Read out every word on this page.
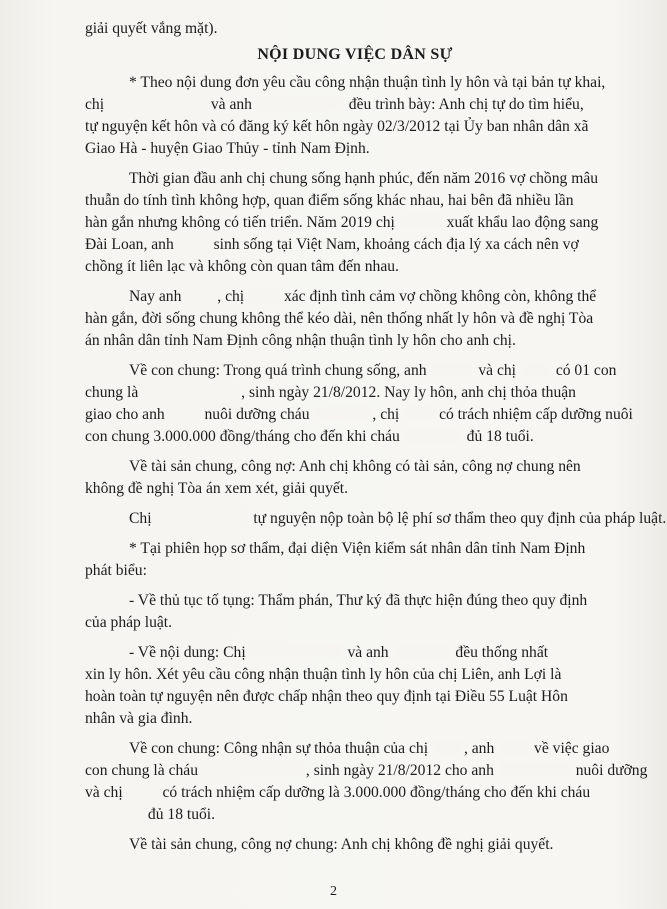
giải quyết vắng mặt).
NỘI DUNG VIỆC DÂN SỰ
* Theo nội dung đơn yêu cầu công nhận thuận tình ly hôn và tại bản tự khai,
chị	và anh	đều trình bày: Anh chị tự do tìm hiểu,
tự nguyện kết hôn và có đăng ký kết hôn ngày 02/3/2012 tại Ủy ban nhân dân xã
Giao Hà - huyện Giao Thủy - tỉnh Nam Định.
Thời gian đầu anh chị chung sống hạnh phúc, đến năm 2016 vợ chồng mâu
thuẫn do tính tình không hợp, quan điểm sống khác nhau, hai bên đã nhiều lần
hàn gắn nhưng không có tiến triển. Năm 2019 chị	xuất khẩu lao động sang
Đài Loan, anh  sinh sống tại Việt Nam, khoảng cách địa lý xa cách nên vợ
chồng ít liên lạc và không còn quan tâm đến nhau.
Nay anh , chị  xác định tình cảm vợ chồng không còn, không thể
hàn gắn, đời sống chung không thể kéo dài, nên thống nhất ly hôn và đề nghị Tòa
án nhân dân tỉnh Nam Định công nhận thuận tình ly hôn cho anh chị.
Về con chung: Trong quá trình chung sống, anh	và chị  có 01 con
chung là	, sinh ngày 21/8/2012. Nay ly hôn, anh chị thỏa thuận
giao cho anh  nuôi dưỡng cháu	, chị  có trách nhiệm cấp dưỡng nuôi
con chung 3.000.000 đồng/tháng cho đến khi cháu	đủ 18 tuổi.
Về tài sản chung, công nợ: Anh chị không có tài sản, công nợ chung nên
không đề nghị Tòa án xem xét, giải quyết.
Chị	tự nguyện nộp toàn bộ lệ phí sơ thẩm theo quy định của pháp luật.
* Tại phiên họp sơ thẩm, đại diện Viện kiểm sát nhân dân tỉnh Nam Định
phát biểu:
- Về thủ tục tố tụng: Thẩm phán, Thư ký đã thực hiện đúng theo quy định
của pháp luật.
- Về nội dung: Chị	và anh	đều thống nhất
xin ly hôn. Xét yêu cầu công nhận thuận tình ly hôn của chị Liên, anh Lợi là
hoàn toàn tự nguyện nên được chấp nhận theo quy định tại Điều 55 Luật Hôn
nhân và gia đình.
Về con chung: Công nhận sự thỏa thuận của chị , anh  về việc giao
con chung là cháu	, sinh ngày 21/8/2012 cho anh	nuôi dưỡng
và chị  có trách nhiệm cấp dưỡng là 3.000.000 đồng/tháng cho đến khi cháu
đủ 18 tuổi.
Về tài sản chung, công nợ chung: Anh chị không đề nghị giải quyết.
2
